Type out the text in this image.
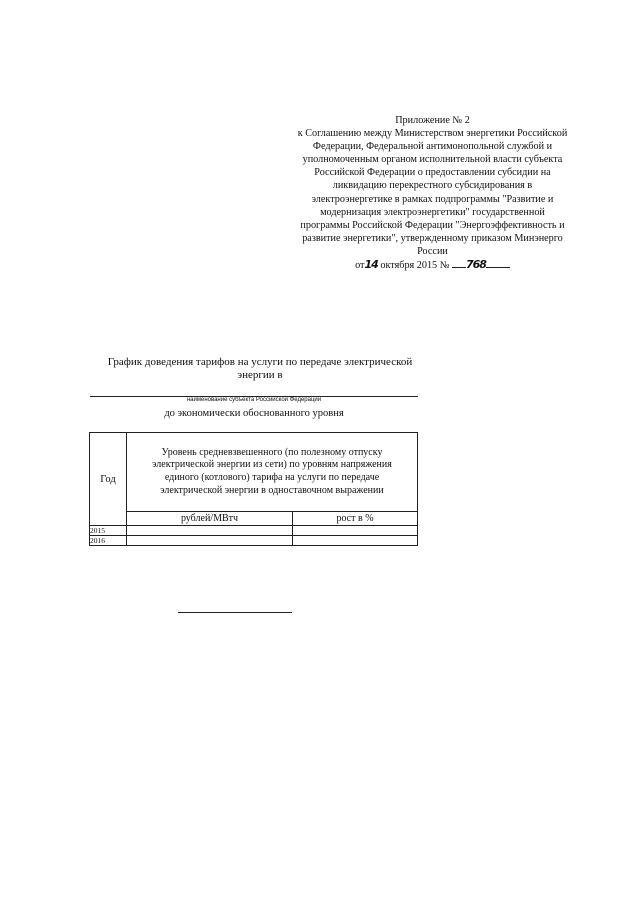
Приложение № 2
к Соглашению между Министерством энергетики Российской
Федерации, Федеральной антимонопольной службой и
уполномоченным органом исполнительной власти субъекта
Российской Федерации о предоставлении субсидии на
ликвидацию перекрестного субсидирования в
электроэнергетике в рамках подпрограммы "Развитие и
модернизация электроэнергетики" государственной
программы Российской Федерации "Энергоэффективность и
развитие энергетики", утвержденному приказом Минэнерго
России
от14 октября 2015 № 768
График доведения тарифов на услуги по передаче электрической
энергии в
наименование субъекта Российской Федерации
до экономически обоснованного уровня
Год	Уровень средневзвешенного (по полезному отпуску
электрической энергии из сети) по уровням напряжения
единого (котлового) тарифа на услуги по передаче
электрической энергии в одноставочном выражении	

	рублей/МВтч	рост в %
2015		
2016		
